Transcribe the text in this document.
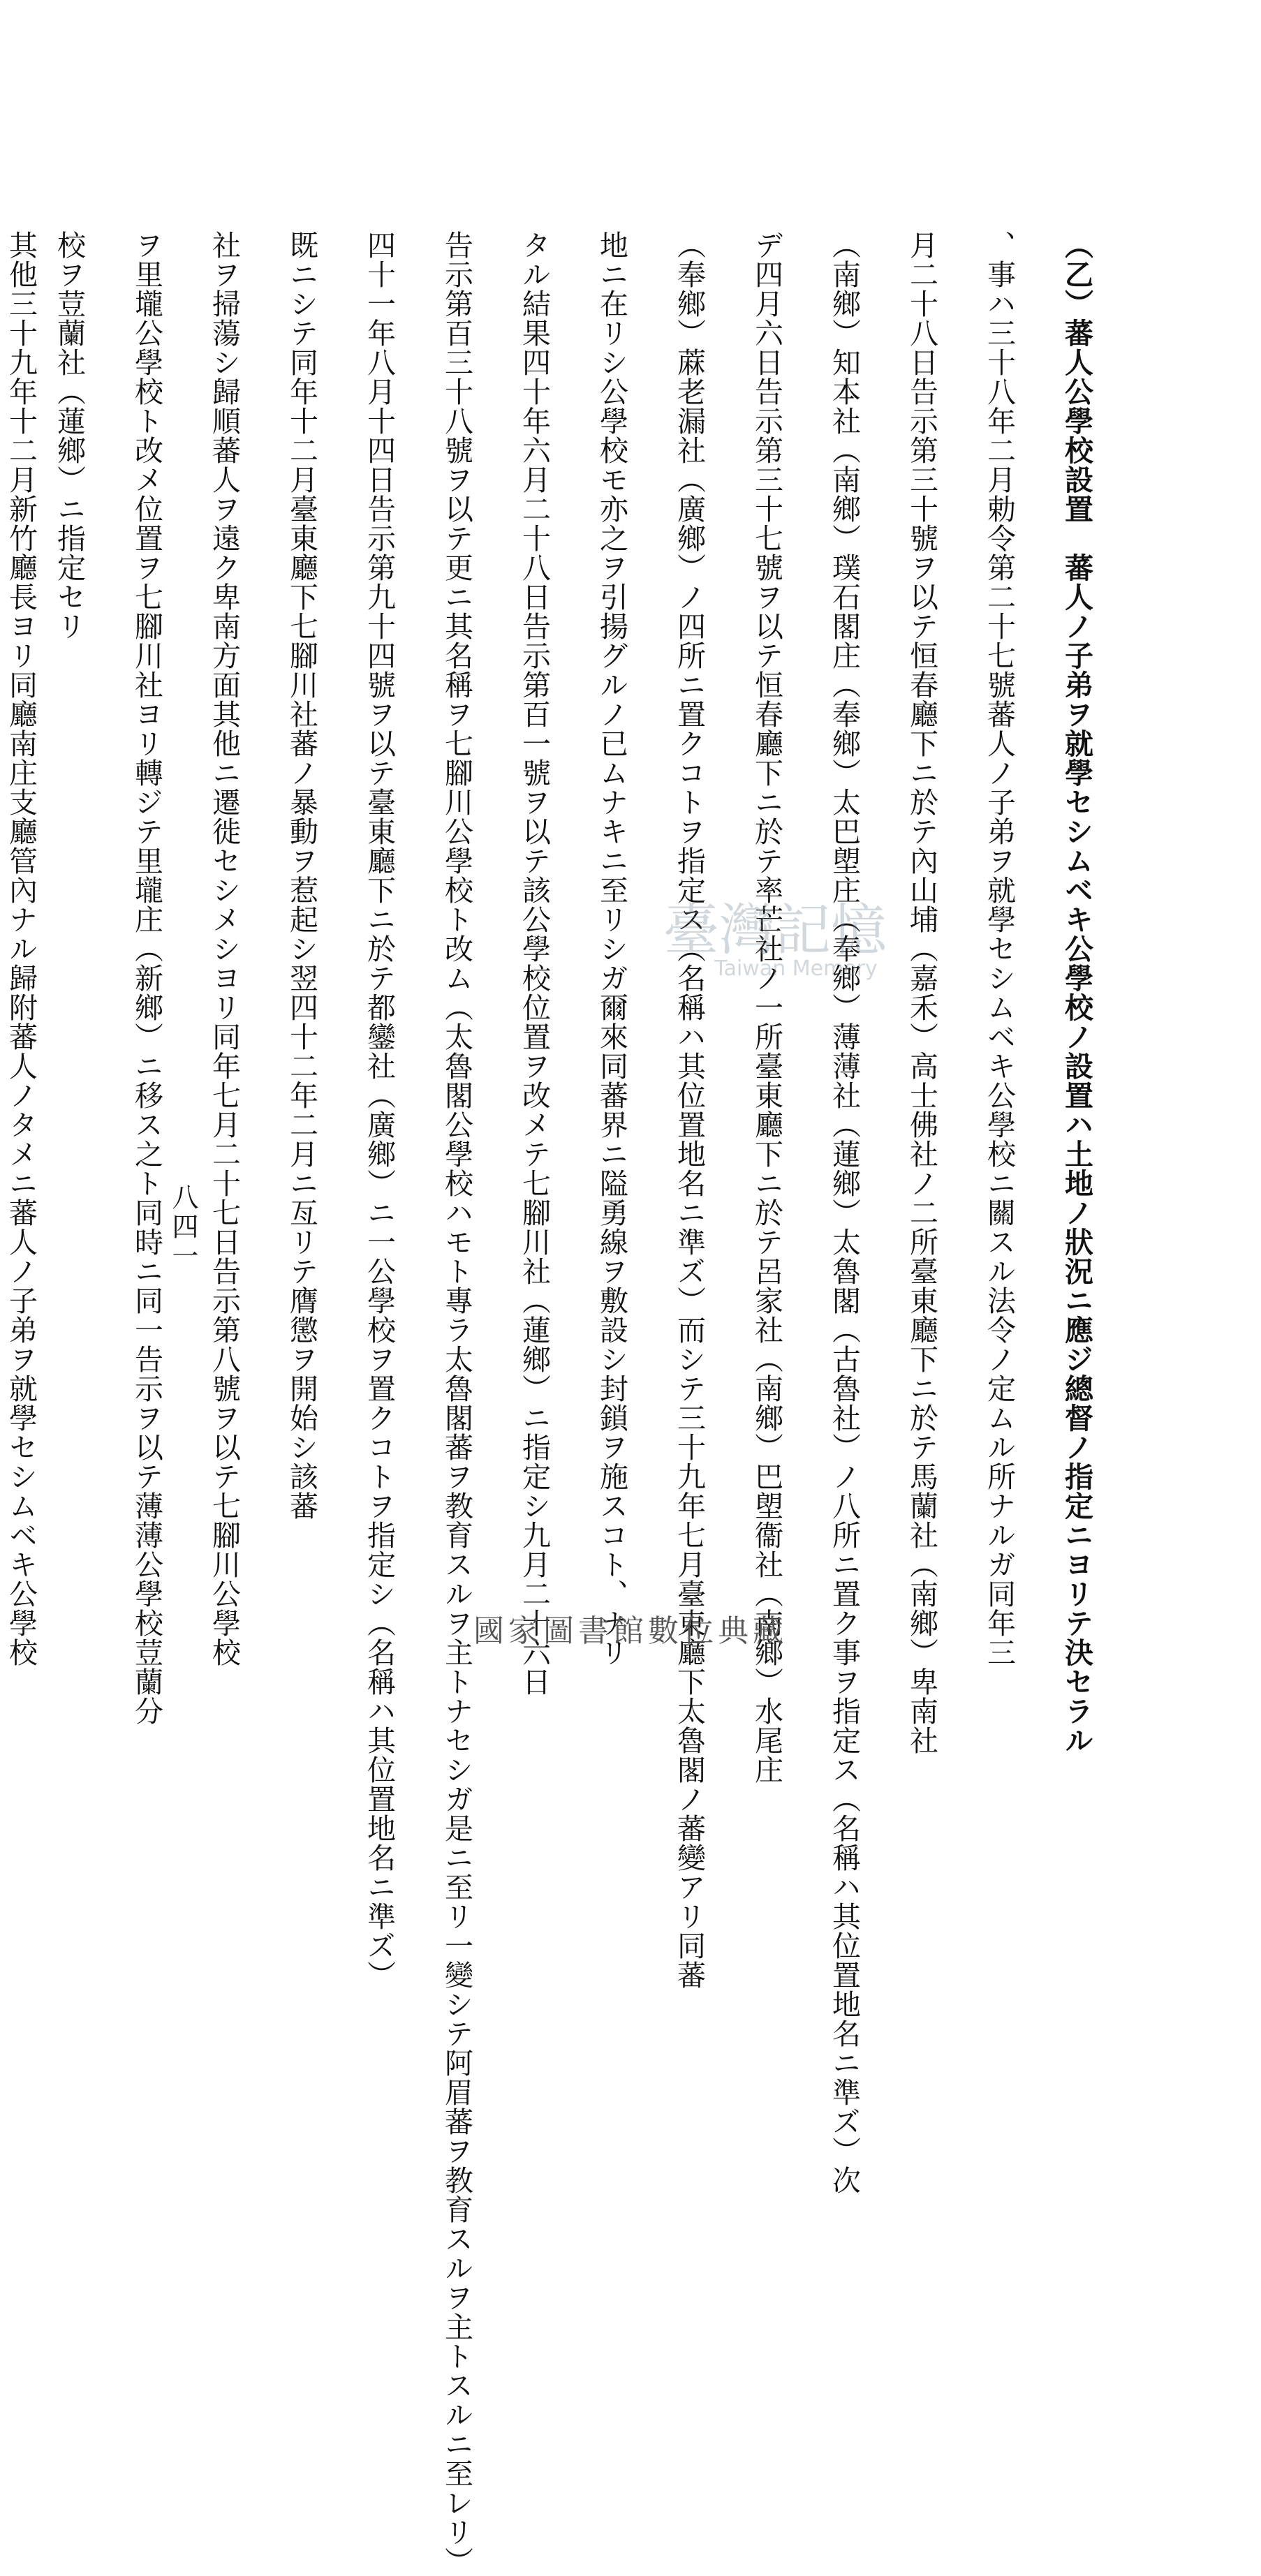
（乙）蕃人公學校設置　蕃人ノ子弟ヲ就學セシムベキ公學校ノ設置ハ土地ノ狀況ニ應ジ總督ノ指定ニヨリテ決セラル
、事ハ三十八年二月勅令第二十七號蕃人ノ子弟ヲ就學セシムベキ公學校ニ關スル法令ノ定ムル所ナルガ同年三
月二十八日告示第三十號ヲ以テ恒春廳下ニ於テ內山埔（嘉禾）高士佛社ノ二所臺東廳下ニ於テ馬蘭社（南鄉）卑南社
（南鄉）知本社（南鄉）璞石閣庄（奉鄉）太巴塱庄（奉鄉）薄薄社（蓮鄉）太魯閣（古魯社）ノ八所ニ置ク事ヲ指定ス（名稱ハ其位置地名ニ準ズ）次
デ四月六日告示第三十七號ヲ以テ恒春廳下ニ於テ率芒社ノ一所臺東廳下ニ於テ呂家社（南鄉）巴塱衞社（南鄉）水尾庄
（奉鄉）蔴老漏社（廣鄉）ノ四所ニ置クコトヲ指定ス（名稱ハ其位置地名ニ準ズ）而シテ三十九年七月臺東廳下太魯閣ノ蕃變アリ同蕃
地ニ在リシ公學校モ亦之ヲ引揚グルノ已ムナキニ至リシガ爾來同蕃界ニ隘勇線ヲ敷設シ封鎖ヲ施スコト、ナリ
タル結果四十年六月二十八日告示第百一號ヲ以テ該公學校位置ヲ改メテ七腳川社（蓮鄉）ニ指定シ九月二十六日
告示第百三十八號ヲ以テ更ニ其名稱ヲ七腳川公學校ト改ム（太魯閣公學校ハモト專ラ太魯閣蕃ヲ教育スルヲ主トナセシガ是ニ至リ一變シテ阿眉蕃ヲ教育スルヲ主トスルニ至レリ）
四十一年八月十四日告示第九十四號ヲ以テ臺東廳下ニ於テ都鑾社（廣鄉）ニ一公學校ヲ置クコトヲ指定シ（名稱ハ其位置地名ニ準ズ）
既ニシテ同年十二月臺東廳下七腳川社蕃ノ暴動ヲ惹起シ翌四十二年二月ニ亙リテ膺懲ヲ開始シ該蕃
社ヲ掃蕩シ歸順蕃人ヲ遠ク卑南方面其他ニ遷徙セシメシヨリ同年七月二十七日告示第八號ヲ以テ七腳川公學校
ヲ里壠公學校ト改メ位置ヲ七腳川社ヨリ轉ジテ里壠庄（新鄉）ニ移ス之ト同時ニ同一告示ヲ以テ薄薄公學校荳蘭分
校ヲ荳蘭社（蓮鄉）ニ指定セリ
其他三十九年十二月新竹廳長ヨリ同廳南庄支廳管內ナル歸附蕃人ノタメニ蕃人ノ子弟ヲ就學セシムベキ公學校	八四一
臺灣記憶
Taiwan Memory
國家圖書館數位典藏
